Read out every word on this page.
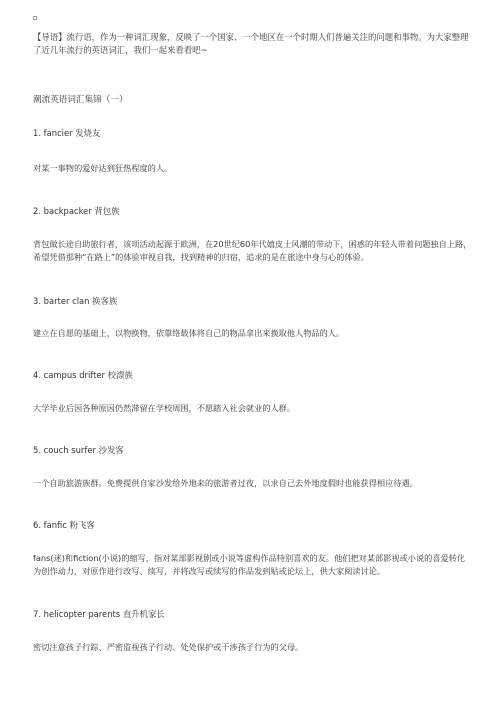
【导语】流行语，作为一种词汇现象，反映了一个国家、一个地区在一个时期人们普遍关注的问题和事物。为大家整理了近几年流行的英语词汇，我们一起来看看吧~
潮流英语词汇集锦（一）
1. fancier 发烧友
对某一事物的爱好达到狂热程度的人。
2. backpacker 背包族
背包做长途自助旅行者，该项活动起源于欧洲，在20世纪60年代嬉皮士风潮的带动下，困惑的年轻人带着问题独自上路，希望凭借那种“在路上”的体验审视自我，找到精神的归宿，追求的是在旅途中身与心的体验。
3. barter clan 换客族
建立在自愿的基础上，以物换物，依靠络载体将自己的物品拿出来换取他人物品的人。
4. campus drifter 校漂族
大学毕业后因各种原因仍然滞留在学校周围，不愿踏入社会就业的人群。
5. couch surfer 沙发客
一个自助旅游族群。免费提供自家沙发给外地来的旅游者过夜，以求自己去外地度假时也能获得相应待遇。
6. fanfic 粉飞客
fans(迷)和fiction(小说)的缩写，指对某部影视剧或小说等虚构作品特别喜欢的友。他们把对某部影视或小说的喜爱转化为创作动力，对原作进行改写、续写，并将改写或续写的作品发到贴或论坛上，供大家阅读讨论。
7. helicopter parents 直升机家长
密切注意孩子行踪、严密监视孩子行动、处处保护或干涉孩子行为的父母。
